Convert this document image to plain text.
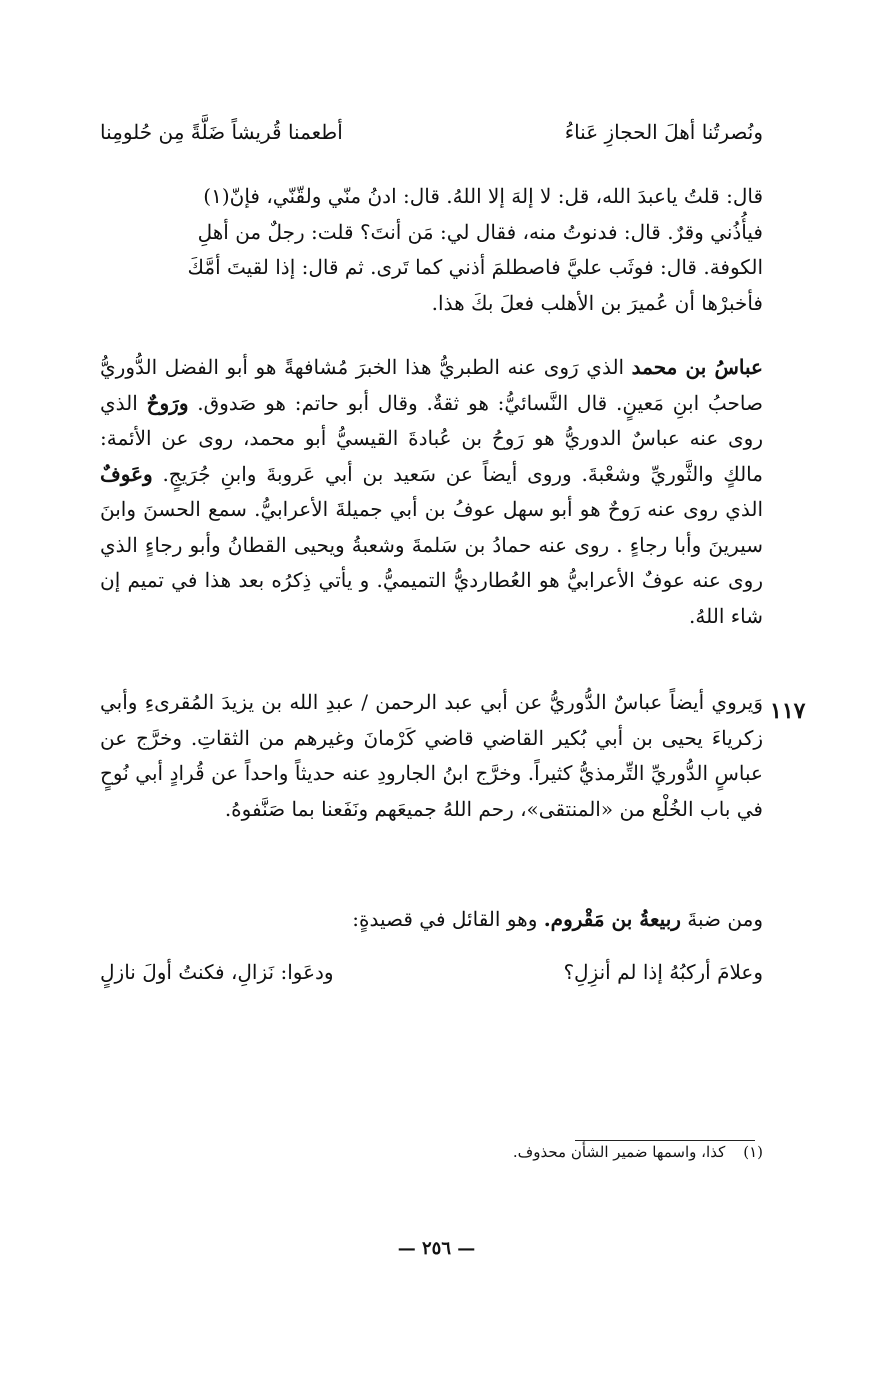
أطعمنا قُريشاً ضَلَّةً مِن حُلومِنا	ونُصرتُنا أهلَ الحجازِ عَناءُ

قال: قلتُ ياعبدَ الله، قل: لا إلهَ إلا اللهُ. قال: ادنُ منّي ولقّنّي، فإنّ(١)

فيأُذُني وقرٌ. قال: فدنوتُ منه، فقال لي: مَن أنتَ؟ قلت: رجلٌ من أهلِ

الكوفة. قال: فوثَب عليَّ فاصطلمَ أذني كما تَرى. ثم قال: إذا لقيتَ أمَّكَ

فأخبرْها أن عُميرَ بن الأهلب فعلَ بكَ هذا.

عباسُ بن محمد الذي رَوى عنه الطبريُّ هذا الخبرَ مُشافهةً هو أبو الفضل الدُّوريُّ صاحبُ ابنِ مَعينٍ. قال النَّسائيُّ: هو ثقةٌ. وقال أبو حاتم: هو صَدوق. ورَوحٌ الذي روى عنه عباسٌ الدوريُّ هو رَوحُ بن عُبادةَ القيسيُّ أبو محمد، روى عن الأئمة: مالكٍ والثَّوريِّ وشعْبةَ. وروى أيضاً عن سَعيد بن أبي عَروبةَ وابنِ جُرَيجٍ. وعَوفٌ الذي روى عنه رَوحٌ هو أبو سهل عوفُ بن أبي جميلةَ الأعرابيُّ. سمع الحسنَ وابنَ سيرينَ وأبا رجاءٍ . روى عنه حمادُ بن سَلمةَ وشعبةُ ويحيى القطانُ وأبو رجاءٍ الذي روى عنه عوفٌ الأعرابيُّ هو العُطارديُّ التميميُّ. و يأتي ذِكرُه بعد هذا في تميم إن شاء اللهُ.

١١٧

وَيروي أيضاً عباسٌ الدُّوريُّ عن أبي عبد الرحمن / عبدِ الله بن يزيدَ المُقرىءِ وأبي زكرياءَ يحيى بن أبي بُكير القاضي قاضي كَرْمانَ وغيرهم من الثقاتِ. وخرَّج عن عباسٍ الدُّوريِّ التِّرمذيُّ كثيراً. وخرَّج ابنُ الجارودِ عنه حديثاً واحداً عن قُرادٍ أبي نُوحٍ في باب الخُلْع من «المنتقى»، رحم اللهُ جميعَهم ونَفَعنا بما صَنَّفوهُ.

ومن ضبةَ ربيعةُ بن مَقْروم. وهو القائل في قصيدةٍ:

ودعَوا: نَزالِ، فكنتُ أولَ نازلٍ	وعلامَ أركبُهُ إذا لم أنزِلِ؟
(١)
كذا، واسمها ضمير الشأن محذوف.
— ٢٥٦ —
